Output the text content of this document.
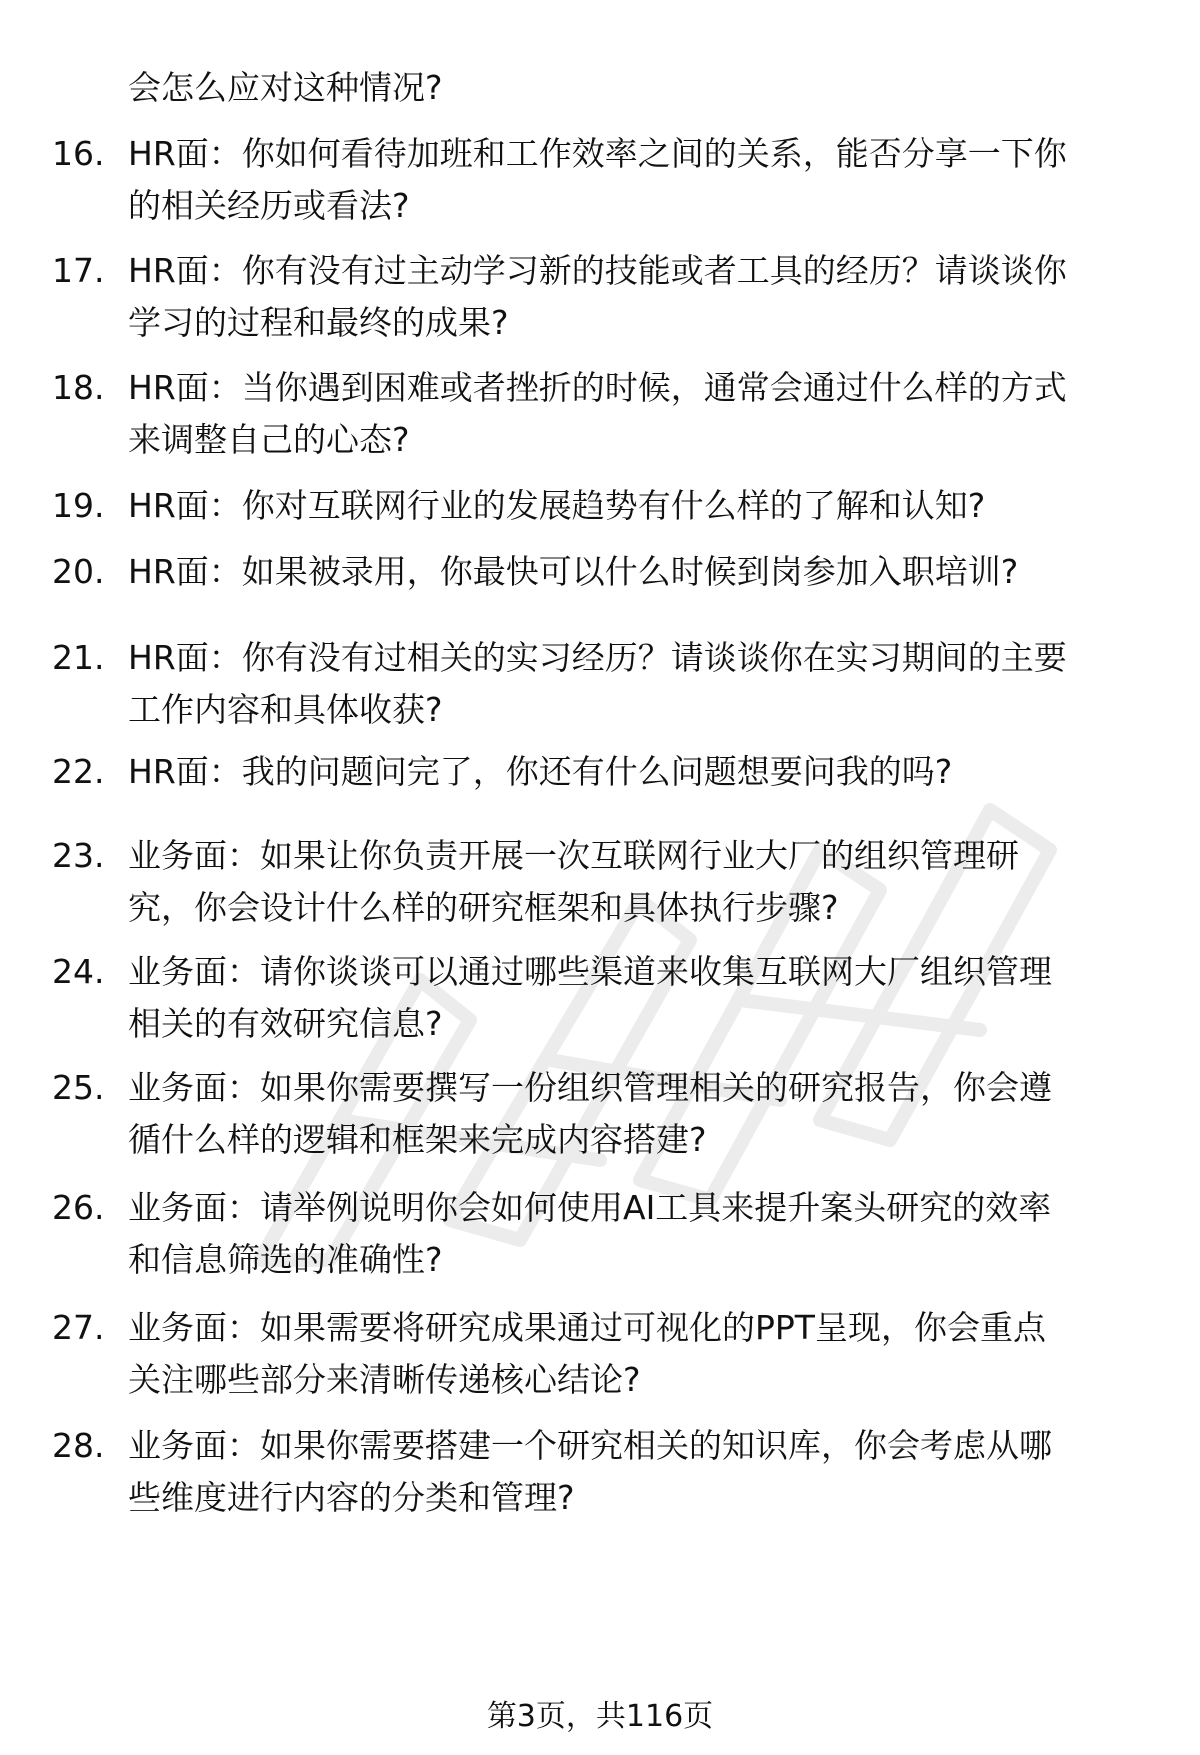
会怎么应对这种情况?

16. HR面：你如何看待加班和工作效率之间的关系，能否分享一下你
的相关经历或看法?

17. HR面：你有没有过主动学习新的技能或者工具的经历？请谈谈你
学习的过程和最终的成果?

18. HR面：当你遇到困难或者挫折的时候，通常会通过什么样的方式
来调整自己的心态?

19. HR面：你对互联网行业的发展趋势有什么样的了解和认知?

20. HR面：如果被录用，你最快可以什么时候到岗参加入职培训?

21. HR面：你有没有过相关的实习经历？请谈谈你在实习期间的主要
工作内容和具体收获?

22. HR面：我的问题问完了，你还有什么问题想要问我的吗?

23. 业务面：如果让你负责开展一次互联网行业大厂的组织管理研
究，你会设计什么样的研究框架和具体执行步骤?

24. 业务面：请你谈谈可以通过哪些渠道来收集互联网大厂组织管理
相关的有效研究信息?

25. 业务面：如果你需要撰写一份组织管理相关的研究报告，你会遵
循什么样的逻辑和框架来完成内容搭建?

26. 业务面：请举例说明你会如何使用AI工具来提升案头研究的效率
和信息筛选的准确性?

27. 业务面：如果需要将研究成果通过可视化的PPT呈现，你会重点
关注哪些部分来清晰传递核心结论?

28. 业务面：如果你需要搭建一个研究相关的知识库，你会考虑从哪
些维度进行内容的分类和管理?

第3页，共116页
